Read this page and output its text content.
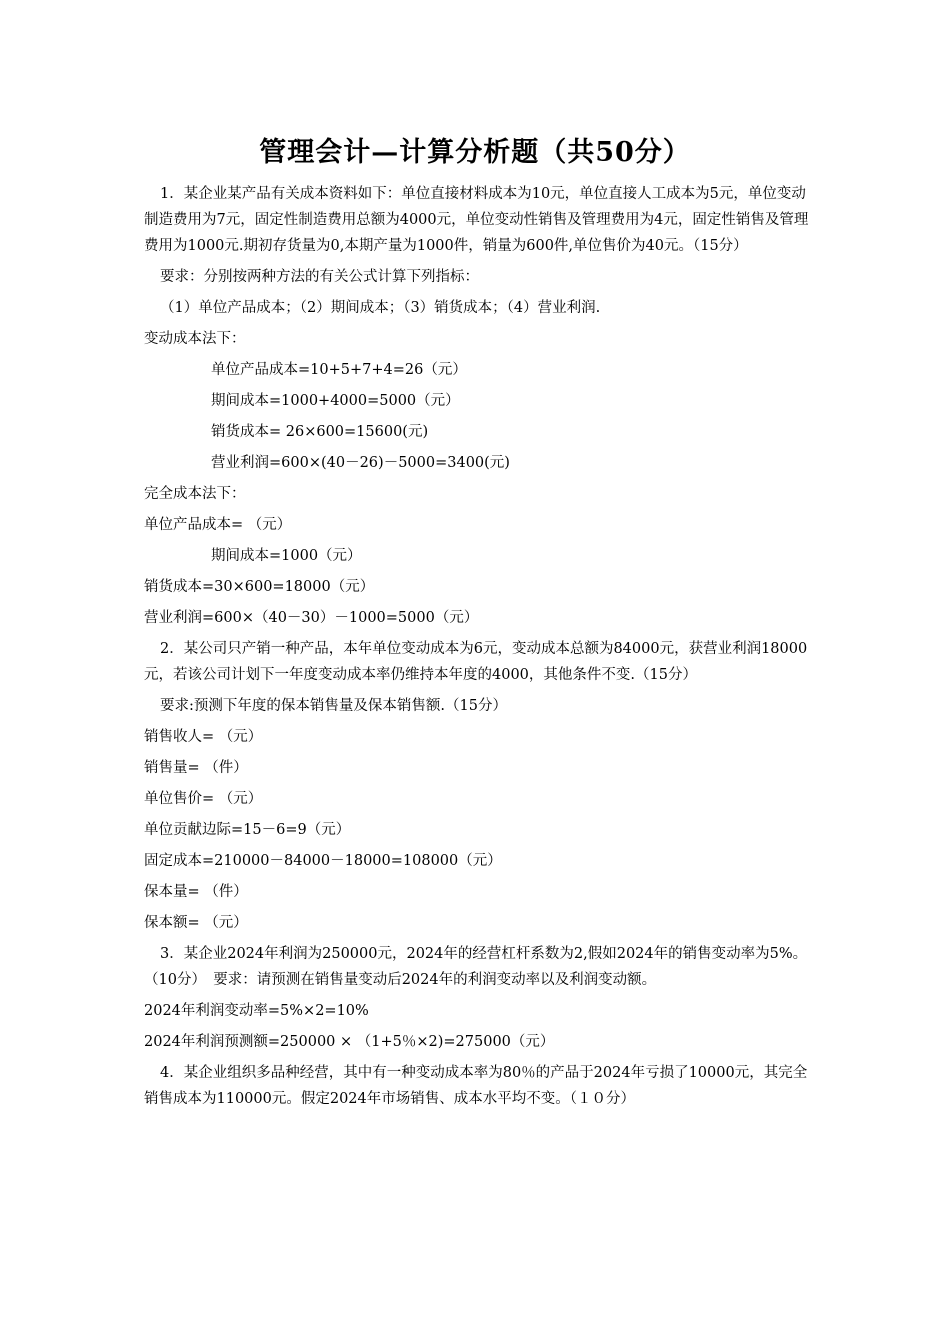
管理会计—计算分析题（共50分）

1．某企业某产品有关成本资料如下：单位直接材料成本为10元，单位直接人工成本为5元，单位变动制造费用为7元，固定性制造费用总额为4000元，单位变动性销售及管理费用为4元，固定性销售及管理费用为1000元.期初存货量为0,本期产量为1000件，销量为600件,单位售价为40元。（15分）

要求：分别按两种方法的有关公式计算下列指标：

（1）单位产品成本；（2）期间成本；（3）销货成本；（4）营业利润.

变动成本法下：

单位产品成本=10+5+7+4=26（元）

期间成本=1000+4000=5000（元）

销货成本= 26×600=15600(元)

营业利润=600×(40－26)－5000=3400(元)

完全成本法下：

单位产品成本= （元）

期间成本=1000（元）

销货成本=30×600=18000（元）

营业利润=600×（40－30）－1000=5000（元）

2．某公司只产销一种产品，本年单位变动成本为6元，变动成本总额为84000元，获营业利润18000元，若该公司计划下一年度变动成本率仍维持本年度的4000，其他条件不变.（15分）

要求:预测下年度的保本销售量及保本销售额.（15分）

销售收人= （元）

销售量= （件）

单位售价= （元）

单位贡献边际=15－6=9（元）

固定成本=210000－84000－18000=108000（元）

保本量= （件）

保本额= （元）

3．某企业2024年利润为250000元，2024年的经营杠杆系数为2,假如2024年的销售变动率为5%。（10分）　要求：请预测在销售量变动后2024年的利润变动率以及利润变动额。

2024年利润变动率=5%×2=10%

2024年利润预测额=250000 × （1+5％×2)=275000（元）

4．某企业组织多品种经营，其中有一种变动成本率为80％的产品于2024年亏损了10000元，其完全销售成本为110000元。假定2024年市场销售、成本水平均不变。（１０分）
